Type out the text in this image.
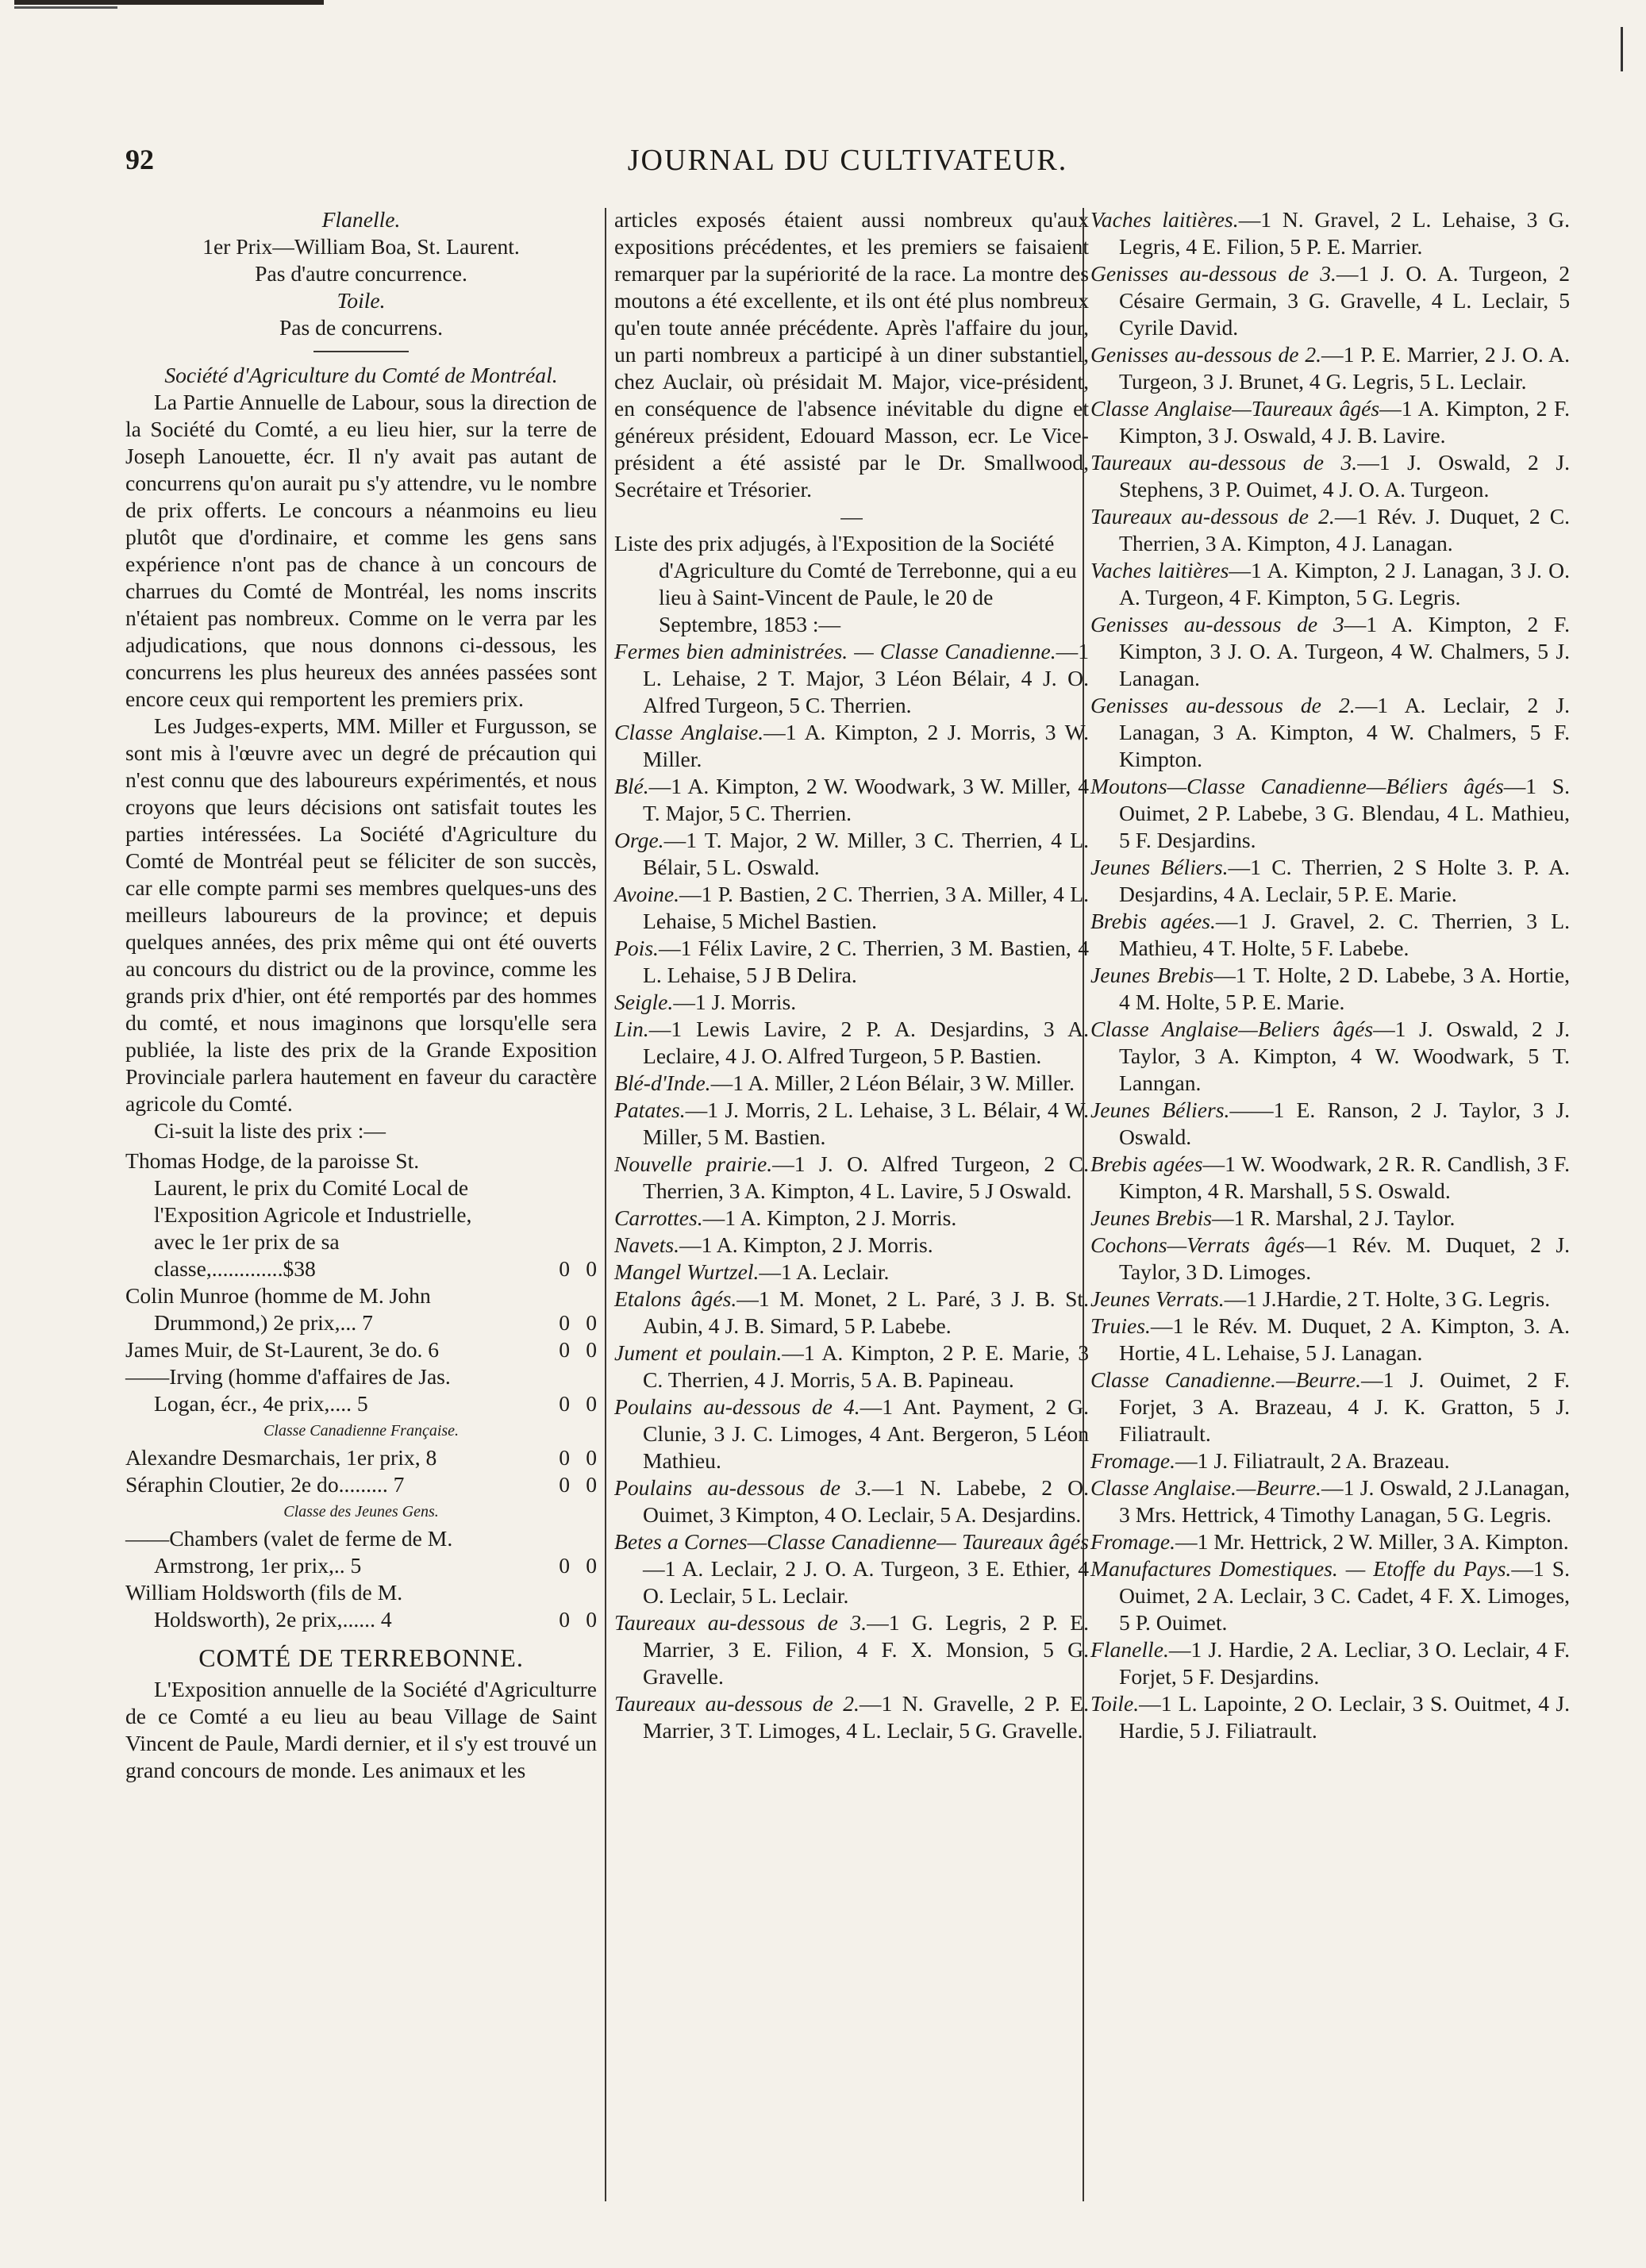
92	JOURNAL DU CULTIVATEUR.
Flanelle.
1er Prix—William Boa, St. Laurent.
Pas d'autre concurrence.
Toile.
Pas de concurrens.
Société d'Agriculture du Comté de Montréal.
La Partie Annuelle de Labour, sous la direction de la Société du Comté, a eu lieu hier, sur la terre de Joseph Lanouette, écr. Il n'y avait pas autant de concurrens qu'on aurait pu s'y attendre, vu le nombre de prix offerts. Le concours a néanmoins eu lieu plutôt que d'ordinaire, et comme les gens sans expérience n'ont pas de chance à un concours de charrues du Comté de Montréal, les noms inscrits n'étaient pas nombreux. Comme on le verra par les adjudications, que nous donnons ci-dessous, les concurrens les plus heureux des années passées sont encore ceux qui remportent les premiers prix.
Les Judges-experts, MM. Miller et Furgusson, se sont mis à l'œuvre avec un degré de précaution qui n'est connu que des laboureurs expérimentés, et nous croyons que leurs décisions ont satisfait toutes les parties intéressées. La Société d'Agriculture du Comté de Montréal peut se féliciter de son succès, car elle compte parmi ses membres quelques-uns des meilleurs laboureurs de la province; et depuis quelques années, des prix même qui ont été ouverts au concours du district ou de la province, comme les grands prix d'hier, ont été remportés par des hommes du comté, et nous imaginons que lorsqu'elle sera publiée, la liste des prix de la Grande Exposition Provinciale parlera hautement en faveur du caractère agricole du Comté.
Ci-suit la liste des prix :—
Thomas Hodge, de la paroisse St. Laurent, le prix du Comité Local de l'Exposition Agricole et Industrielle, avec le 1er prix de sa classe,.............$38	0 0
Colin Munroe (homme de M. John Drummond,) 2e prix,... 7	0 0
James Muir, de St-Laurent, 3e do. 6	0 0
——Irving (homme d'affaires de Jas. Logan, écr., 4e prix,.... 5	0 0
Classe Canadienne Française.
Alexandre Desmarchais, 1er prix, 8	0 0
Séraphin Cloutier, 2e do......... 7	0 0
Classe des Jeunes Gens.
——Chambers (valet de ferme de M. Armstrong, 1er prix,.. 5	0 0
William Holdsworth (fils de M. Holdsworth), 2e prix,...... 4	0 0
COMTÉ DE TERREBONNE.
L'Exposition annuelle de la Société d'Agriculturre de ce Comté a eu lieu au beau Village de Saint Vincent de Paule, Mardi dernier, et il s'y est trouvé un grand concours de monde. Les animaux et les
articles exposés étaient aussi nombreux qu'aux expositions précédentes, et les premiers se faisaient remarquer par la supériorité de la race. La montre des moutons a été excellente, et ils ont été plus nombreux qu'en toute année précédente. Après l'affaire du jour, un parti nombreux a participé à un diner substantiel, chez Auclair, où présidait M. Major, vice-président, en conséquence de l'absence inévitable du digne et généreux président, Edouard Masson, ecr. Le Vice-président a été assisté par le Dr. Smallwood, Secrétaire et Trésorier.
—
Liste des prix adjugés, à l'Exposition de la Société d'Agriculture du Comté de Terrebonne, qui a eu lieu à Saint-Vincent de Paule, le 20 de Septembre, 1853 :—
Fermes bien administrées. — Classe Canadienne.—1 L. Lehaise, 2 T. Major, 3 Léon Bélair, 4 J. O. Alfred Turgeon, 5 C. Therrien.
Classe Anglaise.—1 A. Kimpton, 2 J. Morris, 3 W. Miller.
Blé.—1 A. Kimpton, 2 W. Woodwark, 3 W. Miller, 4 T. Major, 5 C. Therrien.
Orge.—1 T. Major, 2 W. Miller, 3 C. Therrien, 4 L. Bélair, 5 L. Oswald.
Avoine.—1 P. Bastien, 2 C. Therrien, 3 A. Miller, 4 L. Lehaise, 5 Michel Bastien.
Pois.—1 Félix Lavire, 2 C. Therrien, 3 M. Bastien, 4 L. Lehaise, 5 J B Delira.
Seigle.—1 J. Morris.
Lin.—1 Lewis Lavire, 2 P. A. Desjardins, 3 A. Leclaire, 4 J. O. Alfred Turgeon, 5 P. Bastien.
Blé-d'Inde.—1 A. Miller, 2 Léon Bélair, 3 W. Miller.
Patates.—1 J. Morris, 2 L. Lehaise, 3 L. Bélair, 4 W. Miller, 5 M. Bastien.
Nouvelle prairie.—1 J. O. Alfred Turgeon, 2 C. Therrien, 3 A. Kimpton, 4 L. Lavire, 5 J Oswald.
Carrottes.—1 A. Kimpton, 2 J. Morris.
Navets.—1 A. Kimpton, 2 J. Morris.
Mangel Wurtzel.—1 A. Leclair.
Etalons âgés.—1 M. Monet, 2 L. Paré, 3 J. B. St. Aubin, 4 J. B. Simard, 5 P. Labebe.
Jument et poulain.—1 A. Kimpton, 2 P. E. Marie, 3 C. Therrien, 4 J. Morris, 5 A. B. Papineau.
Poulains au-dessous de 4.—1 Ant. Payment, 2 G. Clunie, 3 J. C. Limoges, 4 Ant. Bergeron, 5 Léon Mathieu.
Poulains au-dessous de 3.—1 N. Labebe, 2 O. Ouimet, 3 Kimpton, 4 O. Leclair, 5 A. Desjardins.
Betes a Cornes—Classe Canadienne— Taureaux âgés—1 A. Leclair, 2 J. O. A. Turgeon, 3 E. Ethier, 4 O. Leclair, 5 L. Leclair.
Taureaux au-dessous de 3.—1 G. Legris, 2 P. E. Marrier, 3 E. Filion, 4 F. X. Monsion, 5 G. Gravelle.
Taureaux au-dessous de 2.—1 N. Gravelle, 2 P. E. Marrier, 3 T. Limoges, 4 L. Leclair, 5 G. Gravelle.
Vaches laitières.—1 N. Gravel, 2 L. Lehaise, 3 G. Legris, 4 E. Filion, 5 P. E. Marrier.
Genisses au-dessous de 3.—1 J. O. A. Turgeon, 2 Césaire Germain, 3 G. Gravelle, 4 L. Leclair, 5 Cyrile David.
Genisses au-dessous de 2.—1 P. E. Marrier, 2 J. O. A. Turgeon, 3 J. Brunet, 4 G. Legris, 5 L. Leclair.
Classe Anglaise—Taureaux âgés—1 A. Kimpton, 2 F. Kimpton, 3 J. Oswald, 4 J. B. Lavire.
Taureaux au-dessous de 3.—1 J. Oswald, 2 J. Stephens, 3 P. Ouimet, 4 J. O. A. Turgeon.
Taureaux au-dessous de 2.—1 Rév. J. Duquet, 2 C. Therrien, 3 A. Kimpton, 4 J. Lanagan.
Vaches laitières—1 A. Kimpton, 2 J. Lanagan, 3 J. O. A. Turgeon, 4 F. Kimpton, 5 G. Legris.
Genisses au-dessous de 3—1 A. Kimpton, 2 F. Kimpton, 3 J. O. A. Turgeon, 4 W. Chalmers, 5 J. Lanagan.
Genisses au-dessous de 2.—1 A. Leclair, 2 J. Lanagan, 3 A. Kimpton, 4 W. Chalmers, 5 F. Kimpton.
Moutons—Classe Canadienne—Béliers âgés—1 S. Ouimet, 2 P. Labebe, 3 G. Blendau, 4 L. Mathieu, 5 F. Desjardins.
Jeunes Béliers.—1 C. Therrien, 2 S Holte 3. P. A. Desjardins, 4 A. Leclair, 5 P. E. Marie.
Brebis agées.—1 J. Gravel, 2. C. Therrien, 3 L. Mathieu, 4 T. Holte, 5 F. Labebe.
Jeunes Brebis—1 T. Holte, 2 D. Labebe, 3 A. Hortie, 4 M. Holte, 5 P. E. Marie.
Classe Anglaise—Beliers âgés—1 J. Oswald, 2 J. Taylor, 3 A. Kimpton, 4 W. Woodwark, 5 T. Lanngan.
Jeunes Béliers.——1 E. Ranson, 2 J. Taylor, 3 J. Oswald.
Brebis agées—1 W. Woodwark, 2 R. R. Candlish, 3 F. Kimpton, 4 R. Marshall, 5 S. Oswald.
Jeunes Brebis—1 R. Marshal, 2 J. Taylor.
Cochons—Verrats âgés—1 Rév. M. Duquet, 2 J. Taylor, 3 D. Limoges.
Jeunes Verrats.—1 J.Hardie, 2 T. Holte, 3 G. Legris.
Truies.—1 le Rév. M. Duquet, 2 A. Kimpton, 3. A. Hortie, 4 L. Lehaise, 5 J. Lanagan.
Classe Canadienne.—Beurre.—1 J. Ouimet, 2 F. Forjet, 3 A. Brazeau, 4 J. K. Gratton, 5 J. Filiatrault.
Fromage.—1 J. Filiatrault, 2 A. Brazeau.
Classe Anglaise.—Beurre.—1 J. Oswald, 2 J.Lanagan, 3 Mrs. Hettrick, 4 Timothy Lanagan, 5 G. Legris.
Fromage.—1 Mr. Hettrick, 2 W. Miller, 3 A. Kimpton.
Manufactures Domestiques. — Etoffe du Pays.—1 S. Ouimet, 2 A. Leclair, 3 C. Cadet, 4 F. X. Limoges, 5 P. Ouimet.
Flanelle.—1 J. Hardie, 2 A. Lecliar, 3 O. Leclair, 4 F. Forjet, 5 F. Desjardins.
Toile.—1 L. Lapointe, 2 O. Leclair, 3 S. Ouitmet, 4 J. Hardie, 5 J. Filiatrault.
